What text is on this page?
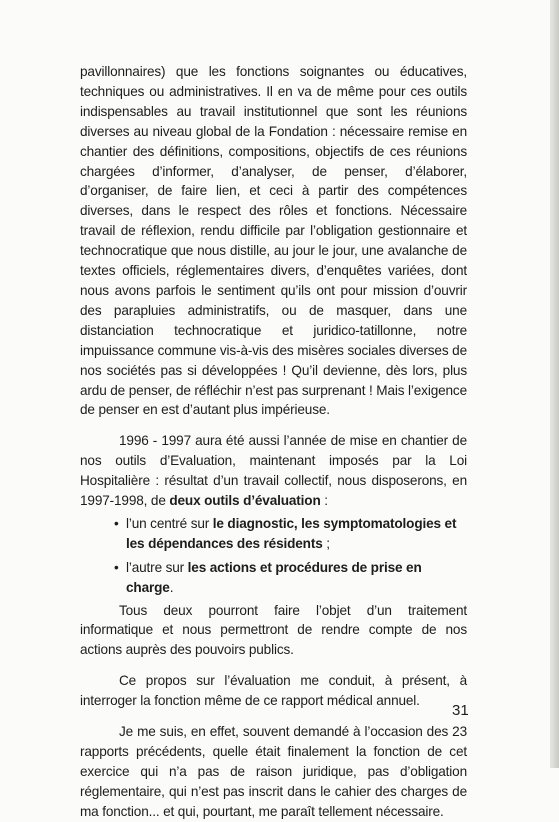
pavillonnaires) que les fonctions soignantes ou éducatives, techniques ou administratives. Il en va de même pour ces outils indispensables au travail institutionnel que sont les réunions diverses au niveau global de la Fondation : nécessaire remise en chantier des définitions, compositions, objectifs de ces réunions chargées d’informer, d’analyser, de penser, d’élaborer, d’organiser, de faire lien, et ceci à partir des compétences diverses, dans le respect des rôles et fonctions. Nécessaire travail de réflexion, rendu difficile par l’obligation gestionnaire et technocratique que nous distille, au jour le jour, une avalanche de textes officiels, réglementaires divers, d’enquêtes variées, dont nous avons parfois le sentiment qu’ils ont pour mission d’ouvrir des parapluies administratifs, ou de masquer, dans une distanciation technocratique et juridico-tatillonne, notre impuissance commune vis-à-vis des misères sociales diverses de nos sociétés pas si développées ! Qu’il devienne, dès lors, plus ardu de penser, de réfléchir n’est pas surprenant ! Mais l’exigence de penser en est d’autant plus impérieuse.

1996 - 1997 aura été aussi l’année de mise en chantier de nos outils d’Evaluation, maintenant imposés par la Loi Hospitalière : résultat d’un travail collectif, nous disposerons, en 1997-1998, de deux outils d’évaluation :

• l’un centré sur le diagnostic, les symptomatologies et les dépendances des résidents ;
• l’autre sur les actions et procédures de prise en charge.

Tous deux pourront faire l’objet d’un traitement informatique et nous permettront de rendre compte de nos actions auprès des pouvoirs publics.

Ce propos sur l’évaluation me conduit, à présent, à interroger la fonction même de ce rapport médical annuel.

Je me suis, en effet, souvent demandé à l’occasion des 23 rapports précédents, quelle était finalement la fonction de cet exercice qui n’a pas de raison juridique, pas d’obligation réglementaire, qui n’est pas inscrit dans le cahier des charges de ma fonction... et qui, pourtant, me paraît tellement nécessaire.

31
